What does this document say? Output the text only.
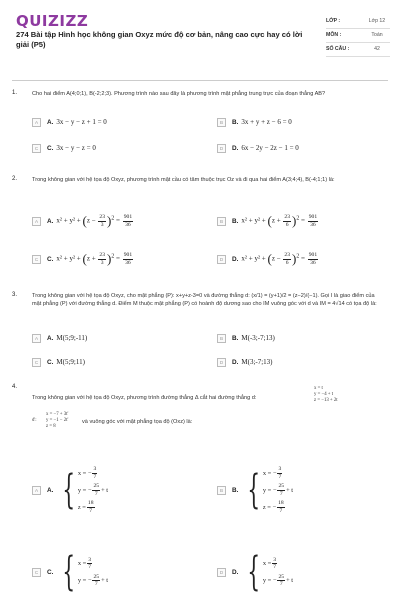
QUIZIZZ
274 Bài tập Hình học không gian Oxyz mức độ cơ bản, nâng cao cực hay có lời giải (P5)
LỚP :	Lớp 12
MÔN :	Toán
SỐ CÂU :	42
1.	Cho hai điểm A(4;0;1), B(-2;2;3). Phương trình nào sau đây là phương trình mặt phẳng trung trực của đoạn thẳng AB?
A	A. 3x − y − z + 1 = 0	B	B. 3x + y + z − 6 = 0
C	C. 3x − y − z = 0	D	D. 6x − 2y − 2z − 1 = 0
2.	Trong không gian với hệ tọa độ Oxyz, phương trình mặt cầu có tâm thuộc trục Oz và đi qua hai điểm A(3;4;4), B(-4;1;1) là:
A	A. $x^2 + y^2 + (z - \frac{23}{3} )^2 = \frac{901}{36}$	B	B. $x^2 + y^2 + (z + \frac{23}{6} )^2 = \frac{901}{36}$
C	C. $x^2 + y^2 + (z + \frac{23}{3} )^2 = \frac{901}{36}$	D	D. $x^2 + y^2 + (z - \frac{23}{6} )^2 = \frac{901}{36}$
3.	Trong không gian với hệ tọa độ Oxyz, cho mặt phẳng (P): x+y+z-3=0 và đường thẳng d: (x/1) = (y+1)/2 = (z−2)/(−1). Gọi I là giao điểm của mặt phẳng (P) với đường thẳng d. Điểm M thuộc mặt phẳng (P) có hoành độ dương sao cho IM vuông góc với d và IM = 4√14 có tọa độ là:
A	A. M(5;9;-11)	B	B. M(-3;-7;13)
C	C. M(5;9;11)	D	D. M(3;-7;13)
4.
Trong không gian với hệ tọa độ Oxyz, phương trình đường thẳng Δ cắt hai đường thẳng d:
x = t
y = −4 + t
z = −13 + 2t
d':
x = −7 + 3t'
y = −1 − 2t'
z = 8
và vuông góc với mặt phẳng tọa độ (Oxz) là:
A	A. { x = − $\frac{3}{7}$
y = − $\frac{25}{7} + t$
$z = \frac{18}{7}$
B	B. { x = − $\frac{3}{7}$
y = − $\frac{25}{7} + t$
z = − $\frac{18}{7}$
C	C. { $x = \frac{3}{7}$
y = − $\frac{25}{7} + t$
D	D. { $x = \frac{3}{7}$
y = − $\frac{25}{7} + t$
